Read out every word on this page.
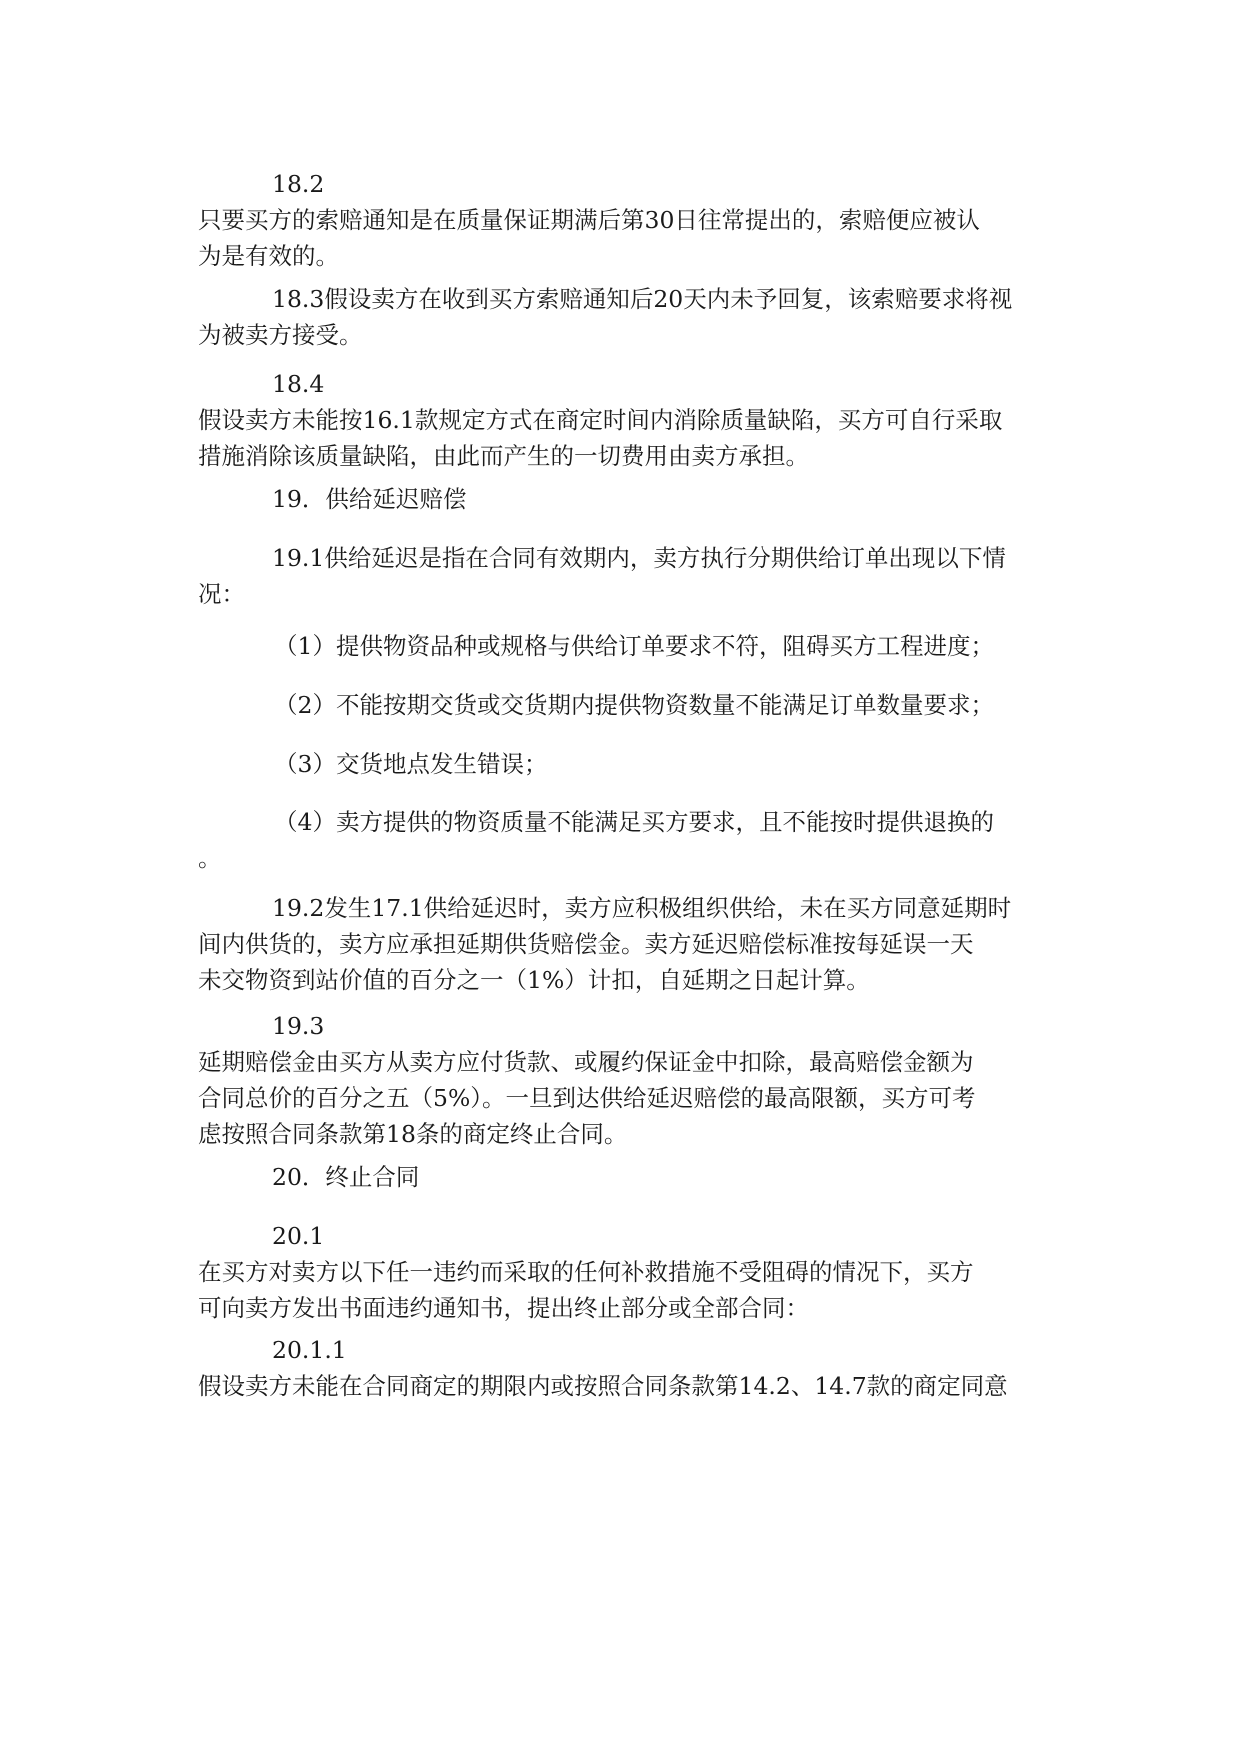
18.2
只要买方的索赔通知是在质量保证期满后第30日往常提出的，索赔便应被认
为是有效的。
18.3假设卖方在收到买方索赔通知后20天内未予回复，该索赔要求将视
为被卖方接受。
18.4
假设卖方未能按16.1款规定方式在商定时间内消除质量缺陷，买方可自行采取
措施消除该质量缺陷，由此而产生的一切费用由卖方承担。
19．供给延迟赔偿
19.1供给延迟是指在合同有效期内，卖方执行分期供给订单出现以下情
况：
（1）提供物资品种或规格与供给订单要求不符，阻碍买方工程进度；
（2）不能按期交货或交货期内提供物资数量不能满足订单数量要求；
（3）交货地点发生错误；
（4）卖方提供的物资质量不能满足买方要求，且不能按时提供退换的
。
19.2发生17.1供给延迟时，卖方应积极组织供给，未在买方同意延期时
间内供货的，卖方应承担延期供货赔偿金。卖方延迟赔偿标准按每延误一天
未交物资到站价值的百分之一（1%）计扣，自延期之日起计算。
19.3
延期赔偿金由买方从卖方应付货款、或履约保证金中扣除，最高赔偿金额为
合同总价的百分之五（5%）。一旦到达供给延迟赔偿的最高限额，买方可考
虑按照合同条款第18条的商定终止合同。
20．终止合同
20.1
在买方对卖方以下任一违约而采取的任何补救措施不受阻碍的情况下，买方
可向卖方发出书面违约通知书，提出终止部分或全部合同：
20.1.1
假设卖方未能在合同商定的期限内或按照合同条款第14.2、14.7款的商定同意
